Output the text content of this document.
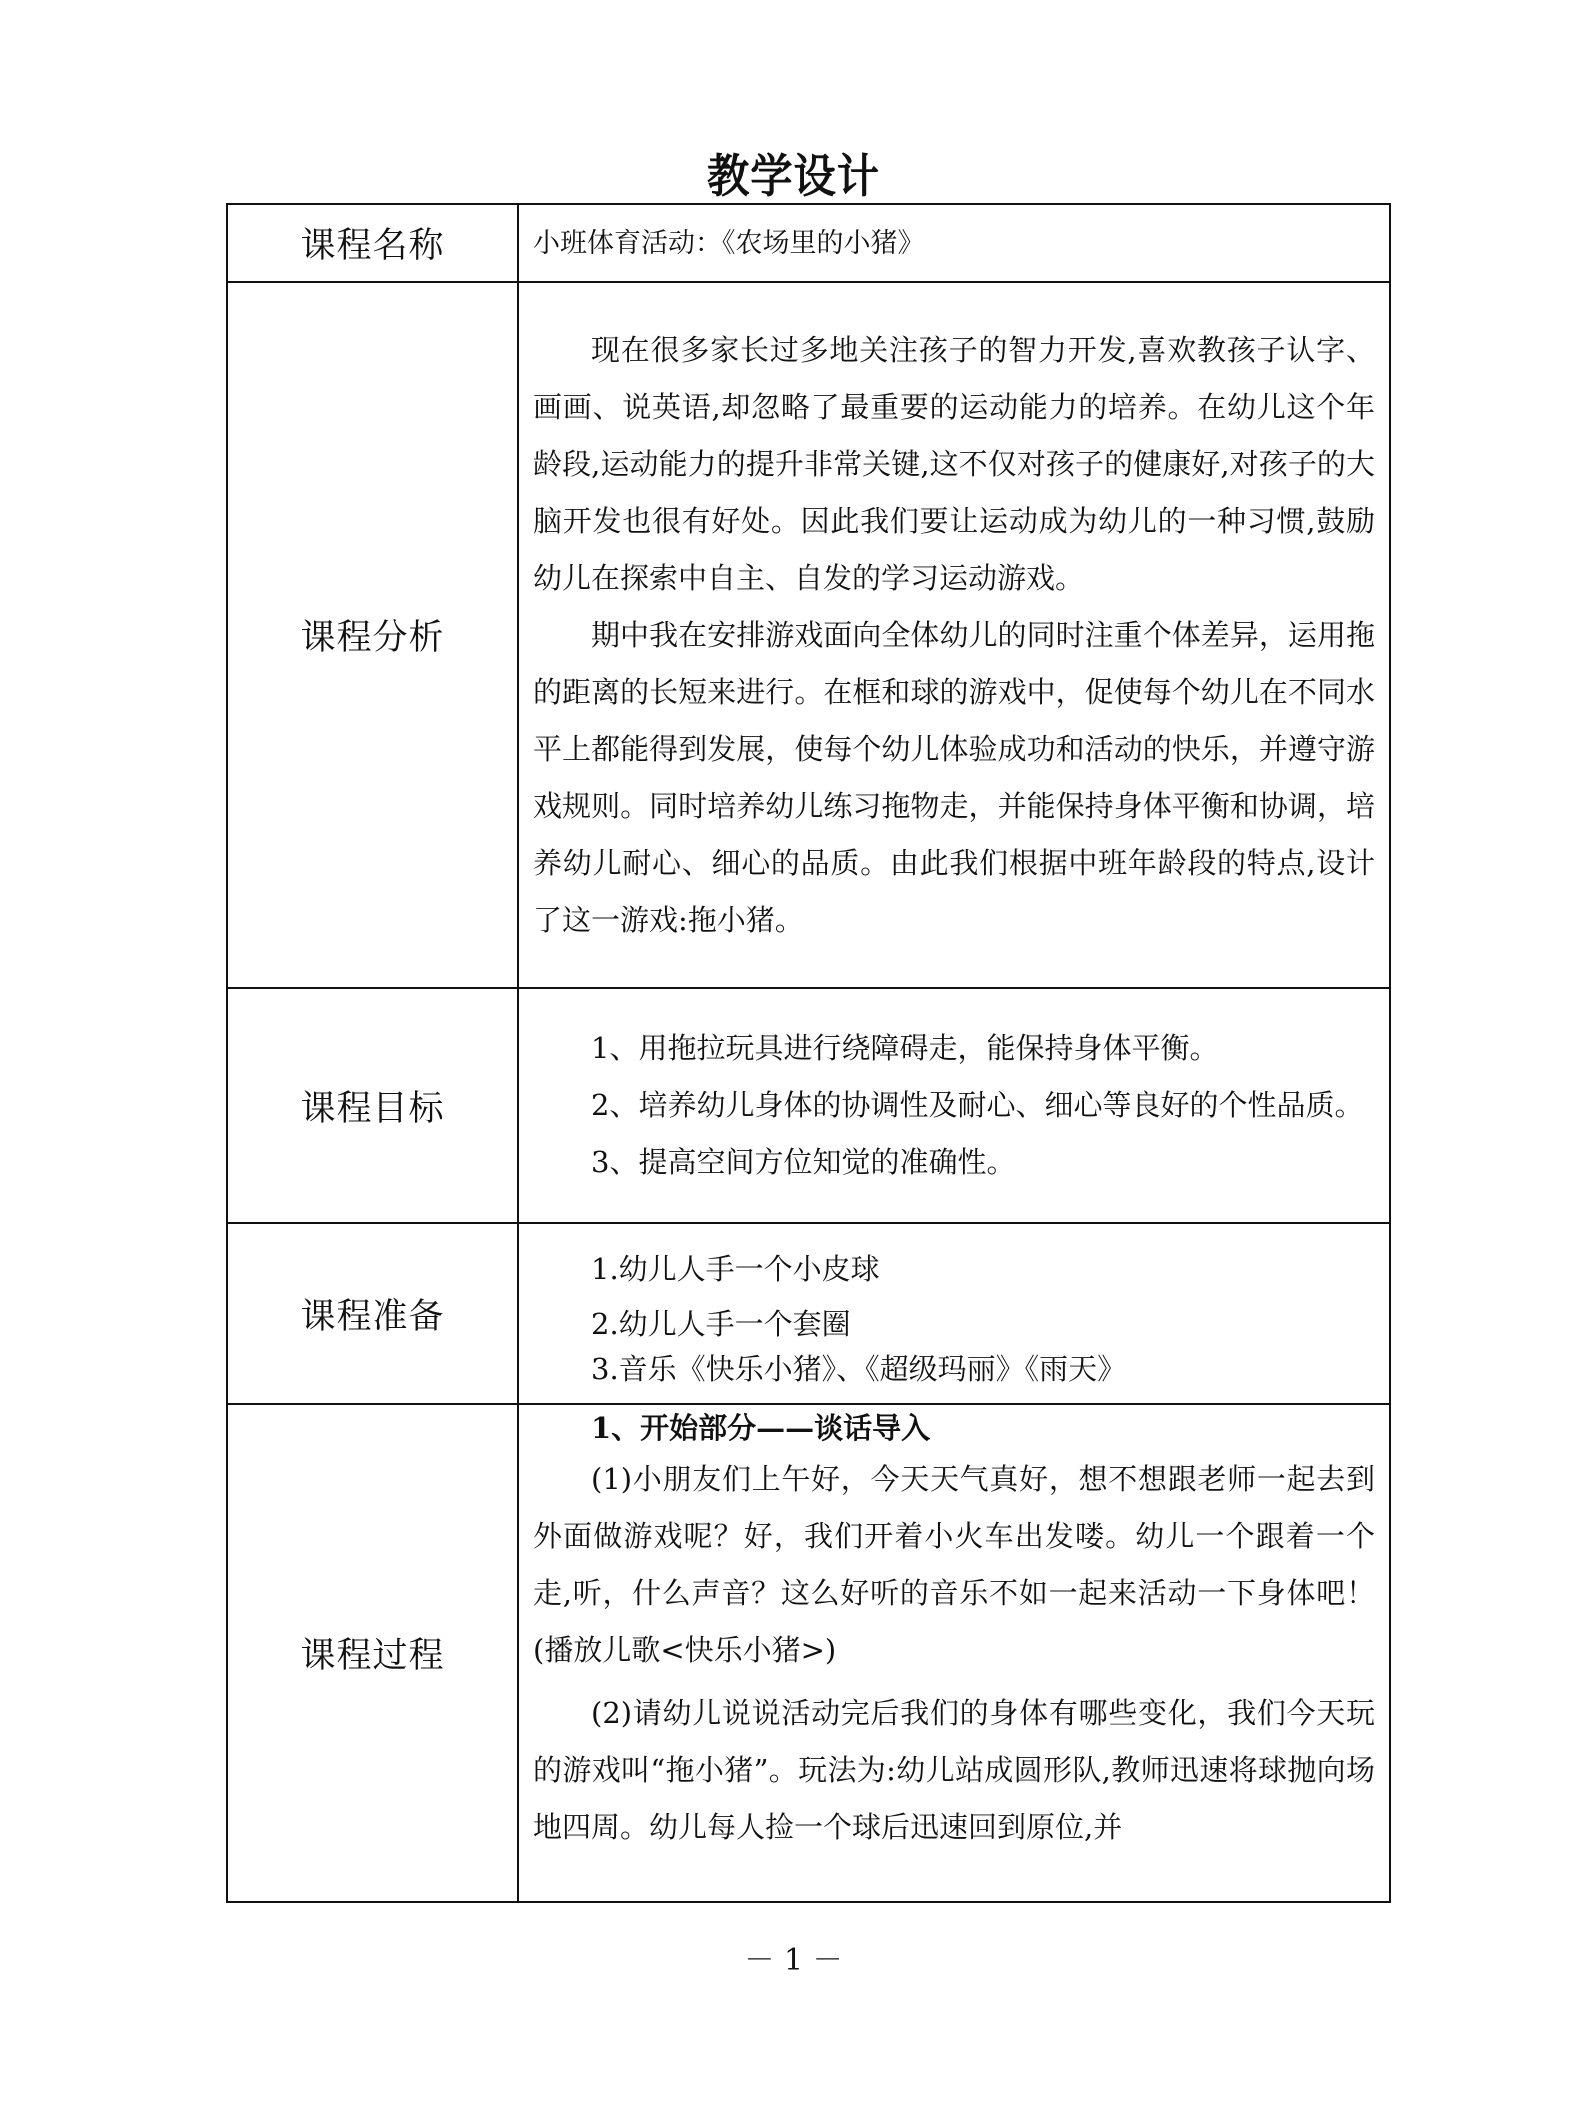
教学设计
课程名称	小班体育活动：《农场里的小猪》

课程分析	现在很多家长过多地关注孩子的智力开发,喜欢教孩子认字、画画、说英语,却忽略了最重要的运动能力的培养。在幼儿这个年龄段,运动能力的提升非常关键,这不仅对孩子的健康好,对孩子的大脑开发也很有好处。因此我们要让运动成为幼儿的一种习惯,鼓励幼儿在探索中自主、自发的学习运动游戏。

期中我在安排游戏面向全体幼儿的同时注重个体差异，运用拖的距离的长短来进行。在框和球的游戏中，促使每个幼儿在不同水平上都能得到发展，使每个幼儿体验成功和活动的快乐，并遵守游戏规则。同时培养幼儿练习拖物走，并能保持身体平衡和协调，培养幼儿耐心、细心的品质。由此我们根据中班年龄段的特点,设计了这一游戏:拖小猪。

课程目标	1、用拖拉玩具进行绕障碍走，能保持身体平衡。

2、培养幼儿身体的协调性及耐心、细心等良好的个性品质。

3、提高空间方位知觉的准确性。

课程准备	1.幼儿人手一个小皮球

2.幼儿人手一个套圈

3.音乐《快乐小猪》、《超级玛丽》《雨天》

课程过程	1、开始部分——谈话导入

(1)小朋友们上午好，今天天气真好，想不想跟老师一起去到外面做游戏呢？好，我们开着小火车出发喽。幼儿一个跟着一个走,听，什么声音？这么好听的音乐不如一起来活动一下身体吧！(播放儿歌<快乐小猪>)

(2)请幼儿说说活动完后我们的身体有哪些变化，我们今天玩的游戏叫“拖小猪”。玩法为:幼儿站成圆形队,教师迅速将球抛向场地四周。幼儿每人捡一个球后迅速回到原位,并

－ 1 －
